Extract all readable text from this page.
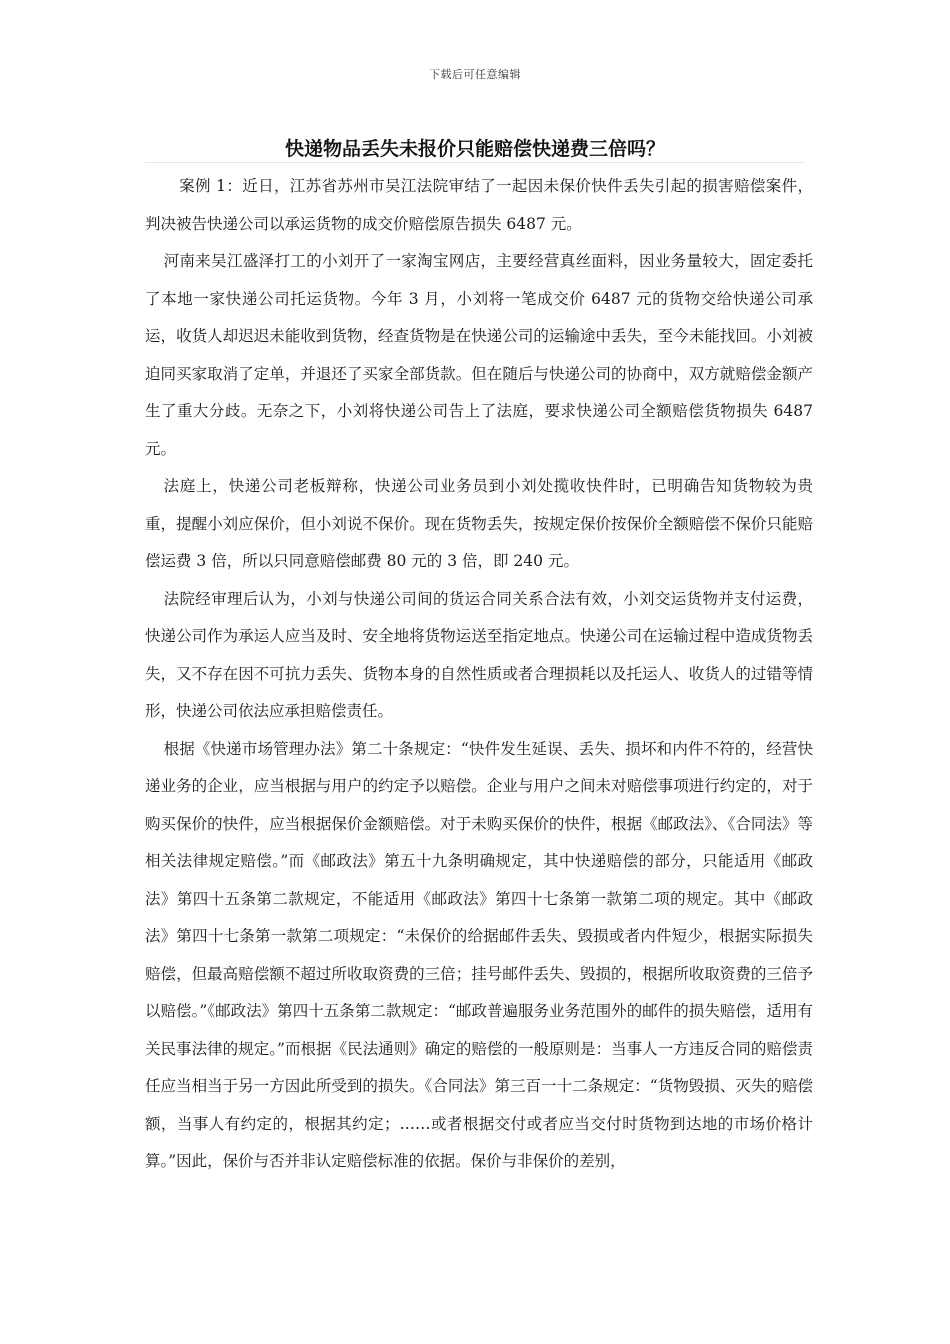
下载后可任意编辑
快递物品丢失未报价只能赔偿快递费三倍吗？

案例 1：近日，江苏省苏州市吴江法院审结了一起因未保价快件丢失引起的损害赔偿案件，判决被告快递公司以承运货物的成交价赔偿原告损失 6487 元。

河南来吴江盛泽打工的小刘开了一家淘宝网店，主要经营真丝面料，因业务量较大，固定委托了本地一家快递公司托运货物。今年 3 月，小刘将一笔成交价 6487 元的货物交给快递公司承运，收货人却迟迟未能收到货物，经查货物是在快递公司的运输途中丢失，至今未能找回。小刘被迫同买家取消了定单，并退还了买家全部货款。但在随后与快递公司的协商中，双方就赔偿金额产生了重大分歧。无奈之下，小刘将快递公司告上了法庭，要求快递公司全额赔偿货物损失 6487 元。

法庭上，快递公司老板辩称，快递公司业务员到小刘处揽收快件时，已明确告知货物较为贵重，提醒小刘应保价，但小刘说不保价。现在货物丢失，按规定保价按保价全额赔偿不保价只能赔偿运费 3 倍，所以只同意赔偿邮费 80 元的 3 倍，即 240 元。

法院经审理后认为，小刘与快递公司间的货运合同关系合法有效，小刘交运货物并支付运费，快递公司作为承运人应当及时、安全地将货物运送至指定地点。快递公司在运输过程中造成货物丢失，又不存在因不可抗力丢失、货物本身的自然性质或者合理损耗以及托运人、收货人的过错等情形，快递公司依法应承担赔偿责任。

根据《快递市场管理办法》第二十条规定：“快件发生延误、丢失、损坏和内件不符的，经营快递业务的企业，应当根据与用户的约定予以赔偿。企业与用户之间未对赔偿事项进行约定的，对于购买保价的快件，应当根据保价金额赔偿。对于未购买保价的快件，根据《邮政法》、《合同法》等相关法律规定赔偿。”而《邮政法》第五十九条明确规定，其中快递赔偿的部分，只能适用《邮政法》第四十五条第二款规定，不能适用《邮政法》第四十七条第一款第二项的规定。其中《邮政法》第四十七条第一款第二项规定：“未保价的给据邮件丢失、毁损或者内件短少，根据实际损失赔偿，但最高赔偿额不超过所收取资费的三倍；挂号邮件丢失、毁损的，根据所收取资费的三倍予以赔偿。”《邮政法》第四十五条第二款规定：“邮政普遍服务业务范围外的邮件的损失赔偿，适用有关民事法律的规定。”而根据《民法通则》确定的赔偿的一般原则是：当事人一方违反合同的赔偿责任应当相当于另一方因此所受到的损失。《合同法》第三百一十二条规定：“货物毁损、灭失的赔偿额，当事人有约定的，根据其约定；……或者根据交付或者应当交付时货物到达地的市场价格计算。”因此，保价与否并非认定赔偿标准的依据。保价与非保价的差别，
